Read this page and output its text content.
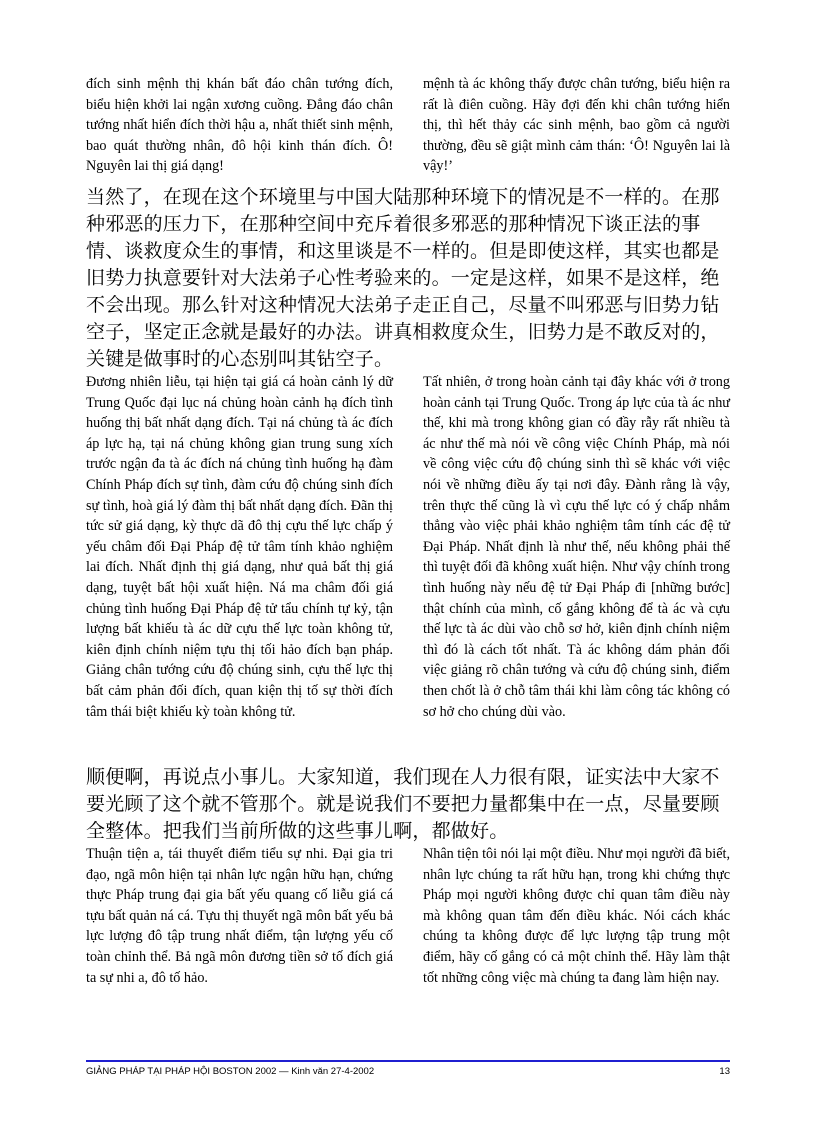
đích sinh mệnh thị khán bất đáo chân tướng đích, biểu hiện khởi lai ngận xương cuồng. Đẳng đáo chân tướng nhất hiển đích thời hậu a, nhất thiết sinh mệnh, bao quát thường nhân, đô hội kinh thán đích. Ô! Nguyên lai thị giá dạng!

mệnh tà ác không thấy được chân tướng, biểu hiện ra rất là điên cuồng. Hãy đợi đến khi chân tướng hiển thị, thì hết thảy các sinh mệnh, bao gồm cả người thường, đều sẽ giật mình cảm thán: ‘Ô! Nguyên lai là vậy!’

当然了，在现在这个环境里与中国大陆那种环境下的情况是不一样的。在那种邪恶的压力下，在那种空间中充斥着很多邪恶的那种情况下谈正法的事情、谈救度众生的事情，和这里谈是不一样的。但是即使这样，其实也都是旧势力执意要针对大法弟子心性考验来的。一定是这样，如果不是这样，绝不会出现。那么针对这种情况大法弟子走正自己，尽量不叫邪恶与旧势力钻空子，坚定正念就是最好的办法。讲真相救度众生，旧势力是不敢反对的，关键是做事时的心态别叫其钻空子。

Đương nhiên liễu, tại hiện tại giá cá hoàn cảnh lý dữ Trung Quốc đại lục ná chủng hoàn cảnh hạ đích tình huống thị bất nhất dạng đích. Tại ná chủng tà ác đích áp lực hạ, tại ná chủng không gian trung sung xích trước ngận đa tà ác đích ná chủng tình huống hạ đàm Chính Pháp đích sự tình, đàm cứu độ chúng sinh đích sự tình, hoà giá lý đàm thị bất nhất dạng đích. Đãn thị tức sử giá dạng, kỳ thực dã đô thị cựu thế lực chấp ý yếu châm đối Đại Pháp đệ tử tâm tính khảo nghiệm lai đích. Nhất định thị giá dạng, như quả bất thị giá dạng, tuyệt bất hội xuất hiện. Ná ma châm đối giá chủng tình huống Đại Pháp đệ tử tẩu chính tự kỷ, tận lượng bất khiếu tà ác dữ cựu thế lực toàn không tử, kiên định chính niệm tựu thị tối hảo đích bạn pháp. Giảng chân tướng cứu độ chúng sinh, cựu thế lực thị bất cảm phản đối đích, quan kiện thị tố sự thời đích tâm thái biệt khiếu kỳ toàn không tử.

Tất nhiên, ở trong hoàn cảnh tại đây khác với ở trong hoàn cảnh tại Trung Quốc. Trong áp lực của tà ác như thế, khi mà trong không gian có đầy rẫy rất nhiều tà ác như thế mà nói về công việc Chính Pháp, mà nói về công việc cứu độ chúng sinh thì sẽ khác với việc nói về những điều ấy tại nơi đây. Đành rằng là vậy, trên thực thế cũng là vì cựu thế lực có ý chấp nhắm thẳng vào việc phải khảo nghiệm tâm tính các đệ tử Đại Pháp. Nhất định là như thế, nếu không phải thế thì tuyệt đối đã không xuất hiện. Như vậy chính trong tình huống này nếu đệ tử Đại Pháp đi [những bước] thật chính của mình, cố gắng không để tà ác và cựu thế lực tà ác dùi vào chỗ sơ hở, kiên định chính niệm thì đó là cách tốt nhất. Tà ác không dám phản đối việc giảng rõ chân tướng và cứu độ chúng sinh, điểm then chốt là ở chỗ tâm thái khi làm công tác không có sơ hở cho chúng dùi vào.

顺便啊，再说点小事儿。大家知道，我们现在人力很有限，证实法中大家不要光顾了这个就不管那个。就是说我们不要把力量都集中在一点，尽量要顾全整体。把我们当前所做的这些事儿啊，都做好。

Thuận tiện a, tái thuyết điểm tiểu sự nhi. Đại gia tri đạo, ngã môn hiện tại nhân lực ngận hữu hạn, chứng thực Pháp trung đại gia bất yếu quang cố liễu giá cá tựu bất quản ná cá. Tựu thị thuyết ngã môn bất yếu bả lực lượng đô tập trung nhất điểm, tận lượng yếu cố toàn chỉnh thể. Bả ngã môn đương tiền sở tố đích giá ta sự nhi a, đô tố hảo.

Nhân tiện tôi nói lại một điều. Như mọi người đã biết, nhân lực chúng ta rất hữu hạn, trong khi chứng thực Pháp mọi người không được chỉ quan tâm điều này mà không quan tâm đến điều khác. Nói cách khác chúng ta không được để lực lượng tập trung một điểm, hãy cố gắng có cả một chỉnh thể. Hãy làm thật tốt những công việc mà chúng ta đang làm hiện nay.

GIẢNG PHÁP TẠI PHÁP HỘI BOSTON 2002 — Kinh văn 27-4-2002	13
